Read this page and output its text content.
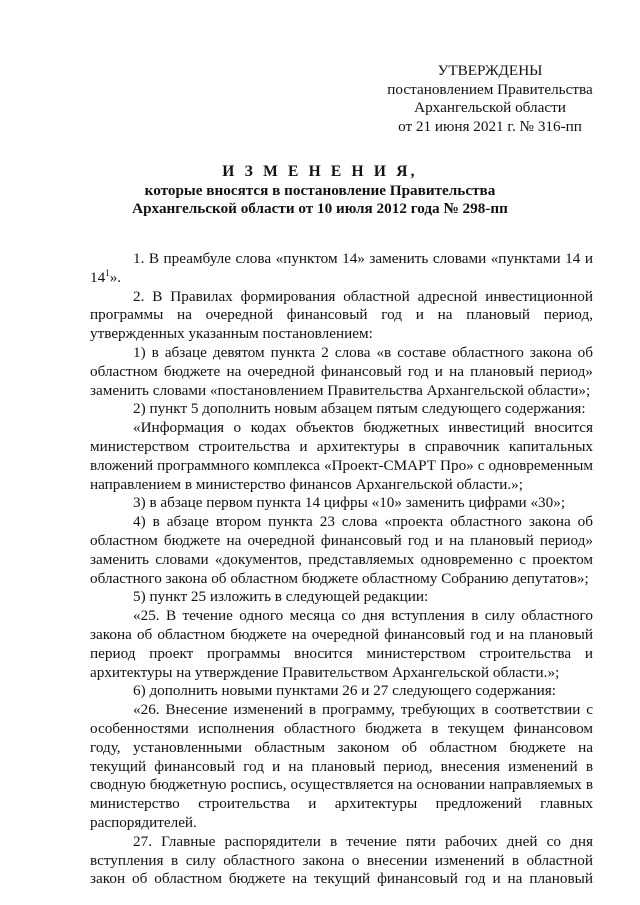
УТВЕРЖДЕНЫ
постановлением Правительства
Архангельской области
от 21 июня 2021 г. № 316-пп
И З М Е Н Е Н И Я,
которые вносятся в постановление Правительства
Архангельской области от 10 июля 2012 года № 298-пп

1. В преамбуле слова «пунктом 14» заменить словами «пунктами 14 и $14^1$».

2. В Правилах формирования областной адресной инвестиционной программы на очередной финансовый год и на плановый период, утвержденных указанным постановлением:

1) в абзаце девятом пункта 2 слова «в составе областного закона об областном бюджете на очередной финансовый год и на плановый период» заменить словами «постановлением Правительства Архангельской области»;

2) пункт 5 дополнить новым абзацем пятым следующего содержания:

«Информация о кодах объектов бюджетных инвестиций вносится министерством строительства и архитектуры в справочник капитальных вложений программного комплекса «Проект-СМАРТ Про» с одновременным направлением в министерство финансов Архангельской области.»;

3) в абзаце первом пункта 14 цифры «10» заменить цифрами «30»;

4) в абзаце втором пункта 23 слова «проекта областного закона об областном бюджете на очередной финансовый год и на плановый период» заменить словами «документов, представляемых одновременно с проектом областного закона об областном бюджете областному Собранию депутатов»;

5) пункт 25 изложить в следующей редакции:

«25. В течение одного месяца со дня вступления в силу областного закона об областном бюджете на очередной финансовый год и на плановый период проект программы вносится министерством строительства и архитектуры на утверждение Правительством Архангельской области.»;

6) дополнить новыми пунктами 26 и 27 следующего содержания:

«26. Внесение изменений в программу, требующих в соответствии с особенностями исполнения областного бюджета в текущем финансовом году, установленными областным законом об областном бюджете на текущий финансовый год и на плановый период, внесения изменений в сводную бюджетную роспись, осуществляется на основании направляемых в министерство строительства и архитектуры предложений главных распорядителей.

27. Главные распорядители в течение пяти рабочих дней со дня вступления в силу областного закона о внесении изменений в областной закон об областном бюджете на текущий финансовый год и на плановый
